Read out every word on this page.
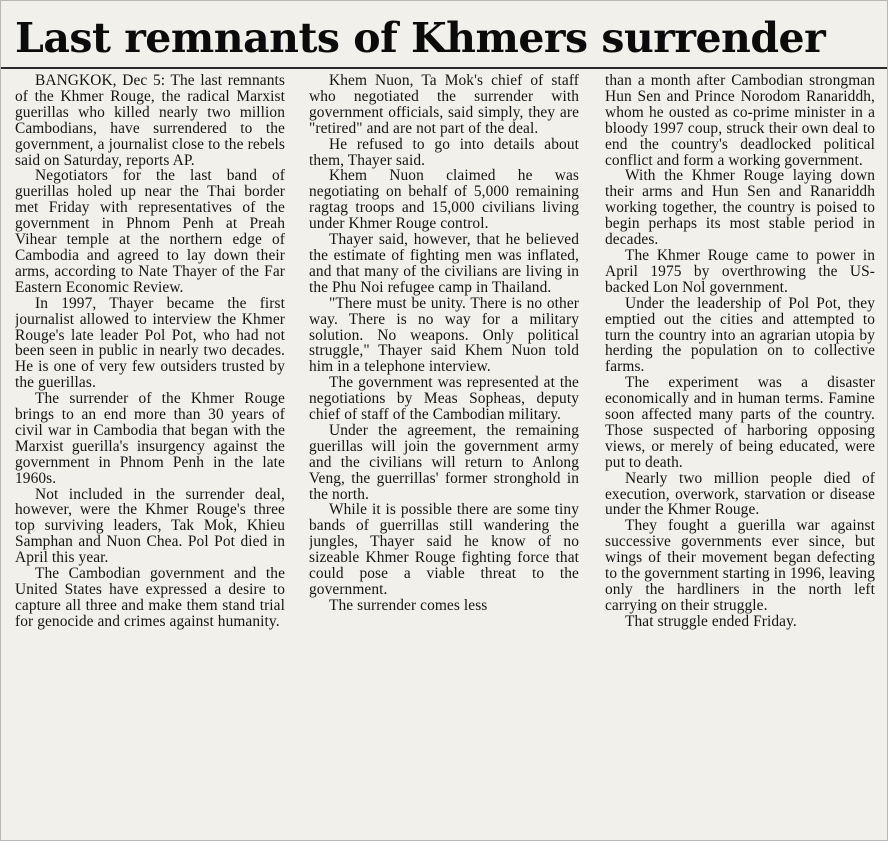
Last remnants of Khmers surrender

BANGKOK, Dec 5: The last remnants of the Khmer Rouge, the radical Marxist guerillas who killed nearly two million Cambodians, have surrendered to the government, a journalist close to the rebels said on Saturday, reports AP.

Negotiators for the last band of guerillas holed up near the Thai border met Friday with representatives of the government in Phnom Penh at Preah Vihear temple at the northern edge of Cambodia and agreed to lay down their arms, according to Nate Thayer of the Far Eastern Economic Review.

In 1997, Thayer became the first journalist allowed to interview the Khmer Rouge's late leader Pol Pot, who had not been seen in public in nearly two decades. He is one of very few outsiders trusted by the guerillas.

The surrender of the Khmer Rouge brings to an end more than 30 years of civil war in Cambodia that began with the Marxist guerilla's insurgency against the government in Phnom Penh in the late 1960s.

Not included in the surrender deal, however, were the Khmer Rouge's three top surviving leaders, Tak Mok, Khieu Samphan and Nuon Chea. Pol Pot died in April this year.

The Cambodian government and the United States have expressed a desire to capture all three and make them stand trial for genocide and crimes against humanity.

Khem Nuon, Ta Mok's chief of staff who negotiated the surrender with government officials, said simply, they are "retired" and are not part of the deal.

He refused to go into details about them, Thayer said.

Khem Nuon claimed he was negotiating on behalf of 5,000 remaining ragtag troops and 15,000 civilians living under Khmer Rouge control.

Thayer said, however, that he believed the estimate of fighting men was inflated, and that many of the civilians are living in the Phu Noi refugee camp in Thailand.

"There must be unity. There is no other way. There is no way for a military solution. No weapons. Only political struggle," Thayer said Khem Nuon told him in a telephone interview.

The government was represented at the negotiations by Meas Sopheas, deputy chief of staff of the Cambodian military.

Under the agreement, the remaining guerillas will join the government army and the civilians will return to Anlong Veng, the guerrillas' former stronghold in the north.

While it is possible there are some tiny bands of guerrillas still wandering the jungles, Thayer said he know of no sizeable Khmer Rouge fighting force that could pose a viable threat to the government.

The surrender comes less

than a month after Cambodian strongman Hun Sen and Prince Norodom Ranariddh, whom he ousted as co-prime minister in a bloody 1997 coup, struck their own deal to end the country's deadlocked political conflict and form a working government.

With the Khmer Rouge laying down their arms and Hun Sen and Ranariddh working together, the country is poised to begin perhaps its most stable period in decades.

The Khmer Rouge came to power in April 1975 by overthrowing the US-backed Lon Nol government.

Under the leadership of Pol Pot, they emptied out the cities and attempted to turn the country into an agrarian utopia by herding the population on to collective farms.

The experiment was a disaster economically and in human terms. Famine soon affected many parts of the country. Those suspected of harboring opposing views, or merely of being educated, were put to death.

Nearly two million people died of execution, overwork, starvation or disease under the Khmer Rouge.

They fought a guerilla war against successive governments ever since, but wings of their movement began defecting to the government starting in 1996, leaving only the hardliners in the north left carrying on their struggle.

That struggle ended Friday.
